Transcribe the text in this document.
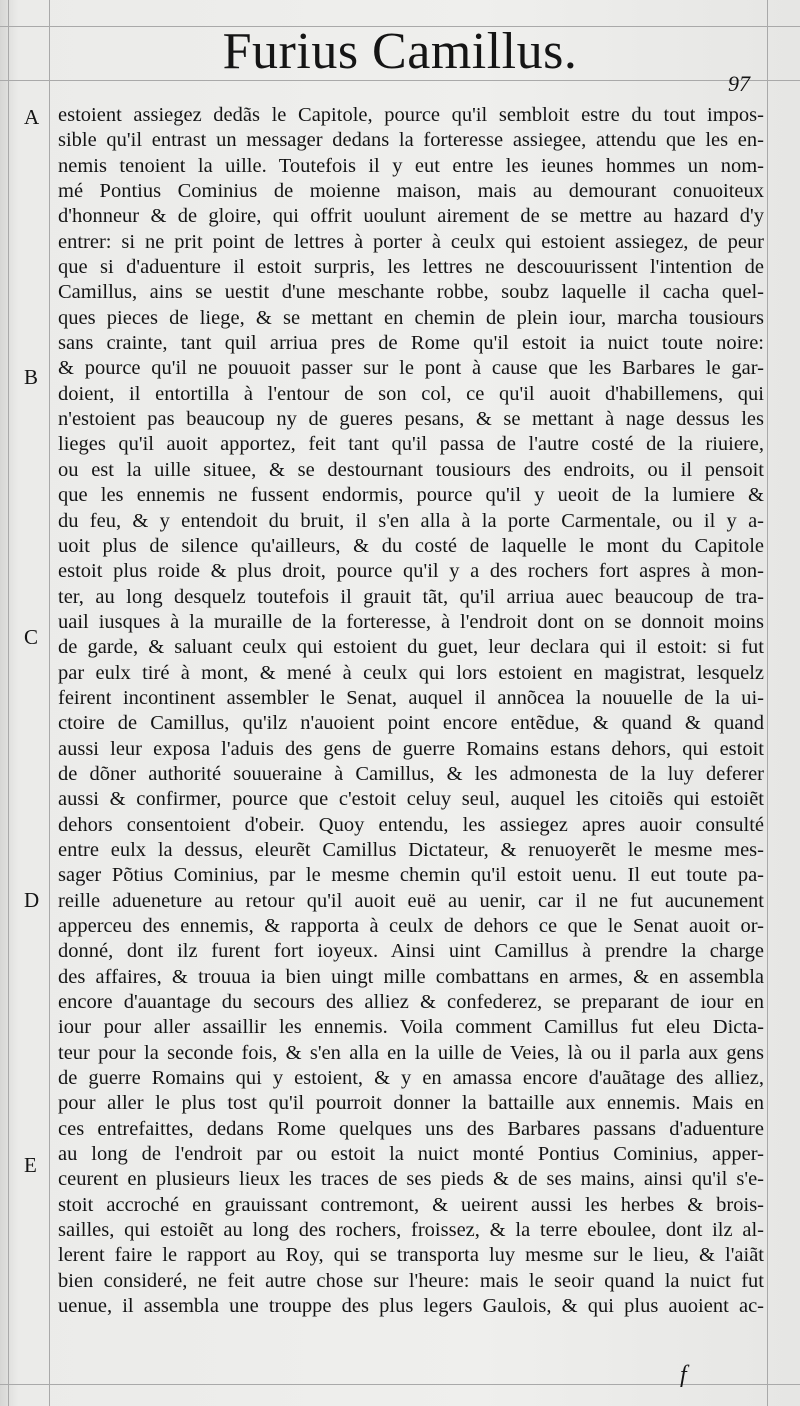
Furius Camillus.
97
A
B
C
D
E
estoient assiegez dedãs le Capitole, pource qu'il sembloit estre du tout impos-
sible qu'il entrast un messager dedans la forteresse assiegee, attendu que les en-
nemis tenoient la uille. Toutefois il y eut entre les ieunes hommes un nom-
mé Pontius Cominius de moienne maison, mais au demourant conuoiteux
d'honneur & de gloire, qui offrit uoulunt airement de se mettre au hazard d'y
entrer: si ne prit point de lettres à porter à ceulx qui estoient assiegez, de peur
que si d'aduenture il estoit surpris, les lettres ne descouurissent l'intention de
Camillus, ains se uestit d'une meschante robbe, soubz laquelle il cacha quel-
ques pieces de liege, & se mettant en chemin de plein iour, marcha tousiours
sans crainte, tant quil arriua pres de Rome qu'il estoit ia nuict toute noire:
& pource qu'il ne pouuoit passer sur le pont à cause que les Barbares le gar-
doient, il entortilla à l'entour de son col, ce qu'il auoit d'habillemens, qui
n'estoient pas beaucoup ny de gueres pesans, & se mettant à nage dessus les
lieges qu'il auoit apportez, feit tant qu'il passa de l'autre costé de la riuiere,
ou est la uille situee, & se destournant tousiours des endroits, ou il pensoit
que les ennemis ne fussent endormis, pource qu'il y ueoit de la lumiere &
du feu, & y entendoit du bruit, il s'en alla à la porte Carmentale, ou il y a-
uoit plus de silence qu'ailleurs, & du costé de laquelle le mont du Capitole
estoit plus roide & plus droit, pource qu'il y a des rochers fort aspres à mon-
ter, au long desquelz toutefois il grauit tãt, qu'il arriua auec beaucoup de tra-
uail iusques à la muraille de la forteresse, à l'endroit dont on se donnoit moins
de garde, & saluant ceulx qui estoient du guet, leur declara qui il estoit: si fut
par eulx tiré à mont, & mené à ceulx qui lors estoient en magistrat, lesquelz
feirent incontinent assembler le Senat, auquel il annõcea la nouuelle de la ui-
ctoire de Camillus, qu'ilz n'auoient point encore entẽdue, & quand & quand
aussi leur exposa l'aduis des gens de guerre Romains estans dehors, qui estoit
de dõner authorité souueraine à Camillus, & les admonesta de la luy deferer
aussi & confirmer, pource que c'estoit celuy seul, auquel les citoiẽs qui estoiẽt
dehors consentoient d'obeir. Quoy entendu, les assiegez apres auoir consulté
entre eulx la dessus, eleurẽt Camillus Dictateur, & renuoyerẽt le mesme mes-
sager Põtius Cominius, par le mesme chemin qu'il estoit uenu. Il eut toute pa-
reille adueneture au retour qu'il auoit euë au uenir, car il ne fut aucunement
apperceu des ennemis, & rapporta à ceulx de dehors ce que le Senat auoit or-
donné, dont ilz furent fort ioyeux. Ainsi uint Camillus à prendre la charge
des affaires, & trouua ia bien uingt mille combattans en armes, & en assembla
encore d'auantage du secours des alliez & confederez, se preparant de iour en
iour pour aller assaillir les ennemis. Voila comment Camillus fut eleu Dicta-
teur pour la seconde fois, & s'en alla en la uille de Veies, là ou il parla aux gens
de guerre Romains qui y estoient, & y en amassa encore d'auãtage des alliez,
pour aller le plus tost qu'il pourroit donner la battaille aux ennemis. Mais en
ces entrefaittes, dedans Rome quelques uns des Barbares passans d'aduenture
au long de l'endroit par ou estoit la nuict monté Pontius Cominius, apper-
ceurent en plusieurs lieux les traces de ses pieds & de ses mains, ainsi qu'il s'e-
stoit accroché en grauissant contremont, & ueirent aussi les herbes & brois-
sailles, qui estoiẽt au long des rochers, froissez, & la terre eboulee, dont ilz al-
lerent faire le rapport au Roy, qui se transporta luy mesme sur le lieu, & l'aiãt
bien consideré, ne feit autre chose sur l'heure: mais le seoir quand la nuict fut
uenue, il assembla une trouppe des plus legers Gaulois, & qui plus auoient ac-
f
